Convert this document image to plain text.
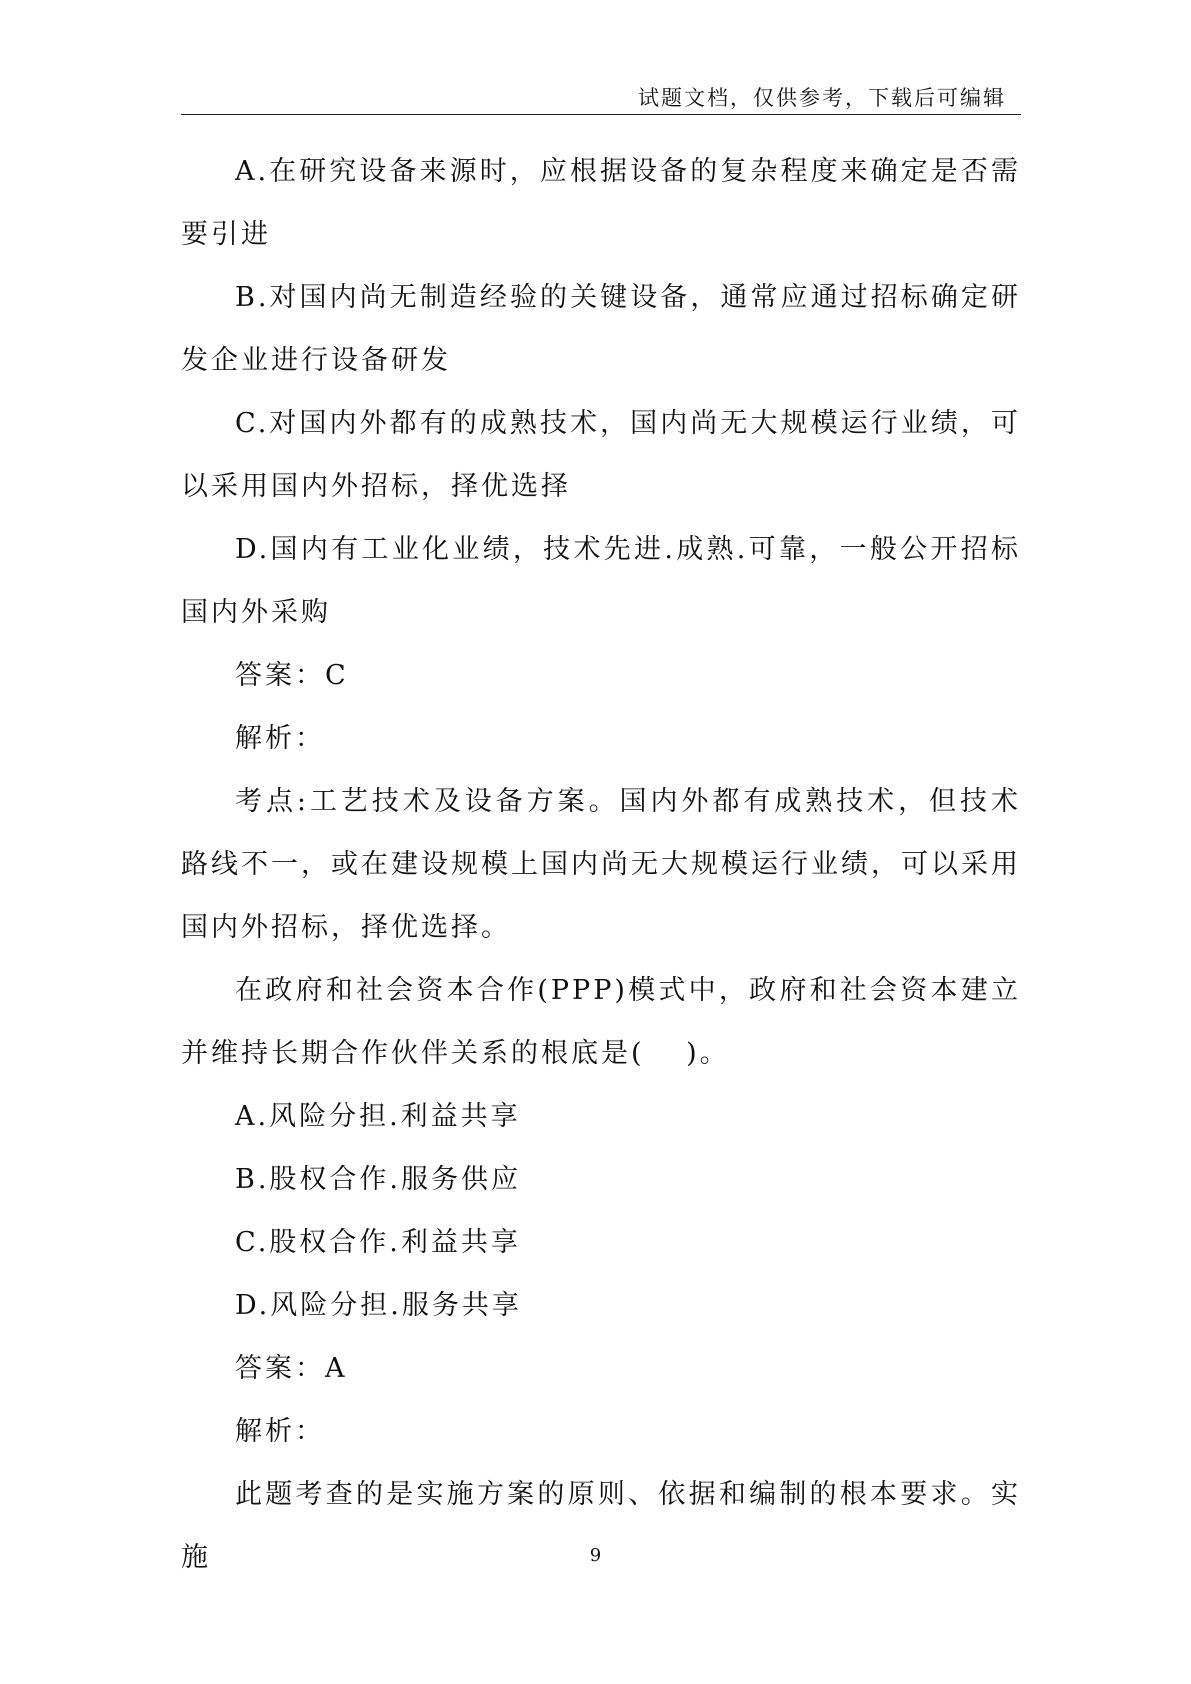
试题文档，仅供参考，下载后可编辑

A.在研究设备来源时，应根据设备的复杂程度来确定是否需要引进

B.对国内尚无制造经验的关键设备，通常应通过招标确定研发企业进行设备研发

C.对国内外都有的成熟技术，国内尚无大规模运行业绩，可以采用国内外招标，择优选择

D.国内有工业化业绩，技术先进.成熟.可靠，一般公开招标国内外采购

答案：C

解析：

考点:工艺技术及设备方案。国内外都有成熟技术，但技术路线不一，或在建设规模上国内尚无大规模运行业绩，可以采用国内外招标，择优选择。

在政府和社会资本合作(PPP)模式中，政府和社会资本建立并维持长期合作伙伴关系的根底是(　 )。

A.风险分担.利益共享

B.股权合作.服务供应

C.股权合作.利益共享

D.风险分担.服务共享

答案：A

解析：

此题考查的是实施方案的原则、依据和编制的根本要求。实施	9
